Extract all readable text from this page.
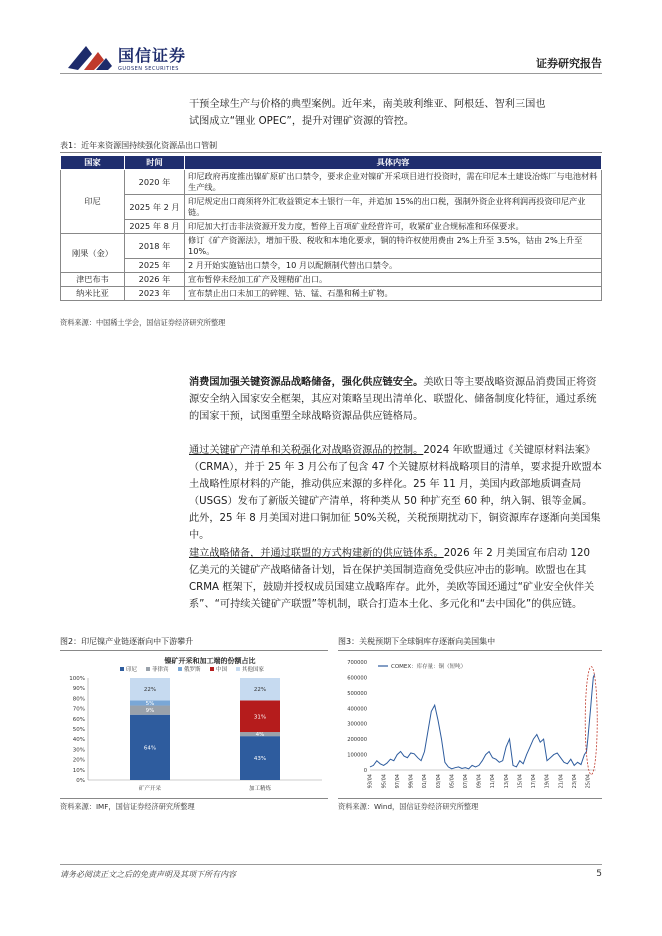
国信证券
GUOSEN SECURITIES	证券研究报告
干预全球生产与价格的典型案例。近年来，南美玻利维亚、阿根廷、智利三国也
试图成立“锂业 OPEC”，提升对锂矿资源的管控。
表1：近年来资源国持续强化资源品出口管制
国家	时间	具体内容
印尼	2020 年	印尼政府再度推出镍矿原矿出口禁令，要求企业对镍矿开采项目进行投资时，需在印尼本土建设冶炼厂与电池材料生产线。
	2025 年 2 月	印尼规定出口商须将外汇收益锁定本土银行一年，并追加 15%的出口税，强制外资企业将利润再投资印尼产业链。
	2025 年 8 月	印尼加大打击非法资源开发力度，暂停上百项矿业经营许可，收紧矿业合规标准和环保要求。
刚果（金）	2018 年	修订《矿产资源法》，增加干股、税收和本地化要求，铜的特许权使用费由 2%上升至 3.5%，钴由 2%上升至 10%。
	2025 年	2 月开始实施钴出口禁令，10 月以配额制代替出口禁令。
津巴布韦	2026 年	宣布暂停未经加工矿产及锂精矿出口。
纳米比亚	2023 年	宣布禁止出口未加工的碎锂、钴、锰、石墨和稀土矿物。
资料来源：中国稀土学会，国信证券经济研究所整理
消费国加强关键资源品战略储备，强化供应链安全。美欧日等主要战略资源品消费国正将资源安全纳入国家安全框架，其应对策略呈现出清单化、联盟化、储备制度化特征，通过系统的国家干预，试图重塑全球战略资源品供应链格局。
通过关键矿产清单和关税强化对战略资源品的控制。2024 年欧盟通过《关键原材料法案》（CRMA），并于 25 年 3 月公布了包含 47 个关键原材料战略项目的清单，要求提升欧盟本土战略性原材料的产能，推动供应来源的多样化。25 年 11 月，美国内政部地质调查局（USGS）发布了新版关键矿产清单，将种类从 50 种扩充至 60 种，纳入铜、银等金属。此外，25 年 8 月美国对进口铜加征 50%关税，关税预期扰动下，铜资源库存逐渐向美国集中。
建立战略储备，并通过联盟的方式构建新的供应链体系。2026 年 2 月美国宣布启动 120 亿美元的关键矿产战略储备计划，旨在保护美国制造商免受供应冲击的影响。欧盟也在其 CRMA 框架下，鼓励并授权成员国建立战略库存。此外，美欧等国还通过“矿业安全伙伴关系”、“可持续关键矿产联盟”等机制，联合打造本土化、多元化和“去中国化”的供应链。
图2：印尼镍产业链逐渐向中下游攀升
镍矿开采和加工端的份额占比
印尼	菲律宾	俄罗斯	中国	其他国家
0%
10%
20%
30%
40%
50%
60%
70%
80%
90%
100%
64%
9%
5%
22%
43%
4%
31%
22%
矿产开采	加工精炼
资料来源：IMF，国信证券经济研究所整理
图3：关税预期下全球铜库存逐渐向美国集中
0
100000
200000
300000
400000
500000
600000
700000
93/04 95/04 97/04 99/04 01/04 03/04 05/04 07/04 09/04 11/04 13/04 15/04 17/04 19/04 21/04 23/04 25/04
COMEX：库存量：铜（短吨）
资料来源：Wind，国信证券经济研究所整理
请务必阅读正文之后的免责声明及其项下所有内容	5
